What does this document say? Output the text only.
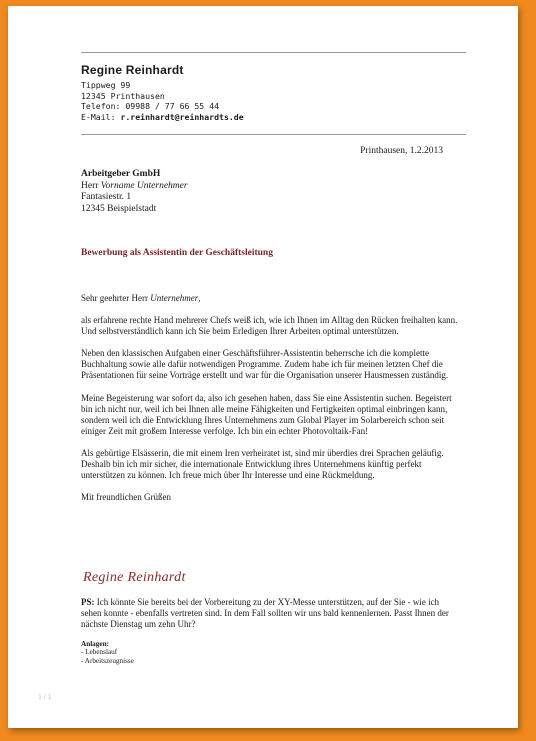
Regine Reinhardt
Tippweg 99
12345 Printhausen
Telefon: 09988 / 77 66 55 44
E-Mail: r.reinhardt@reinhardts.de
Printhausen, 1.2.2013
Arbeitgeber GmbH
Herr Vorname Unternehmer
Fantasiestr. 1
12345 Beispielstadt
Bewerbung als Assistentin der Geschäftsleitung

Sehr geehrter Herr Unternehmer,

als erfahrene rechte Hand mehrerer Chefs weiß ich, wie ich Ihnen im Alltag den Rücken freihalten kann. Und selbstverständlich kann ich Sie beim Erledigen Ihrer Arbeiten optimal unterstützen.

Neben den klassischen Aufgaben einer Geschäftsführer-Assistentin beherrsche ich die komplette Buchhaltung sowie alle dafür notwendigen Programme. Zudem habe ich für meinen letzten Chef die Präsentationen für seine Vorträge erstellt und war für die Organisation unserer Hausmessen zuständig.

Meine Begeisterung war sofort da, also ich gesehen haben, dass Sie eine Assistentin suchen. Begeistert bin ich nicht nur, weil ich bei Ihnen alle meine Fähigkeiten und Fertigkeiten optimal einbringen kann, sondern weil ich die Entwicklung Ihres Unternehmens zum Global Player im Solarbereich schon seit einiger Zeit mit großem Interesse verfolge. Ich bin ein echter Photovoltaik-Fan!

Als gebürtige Elsässerin, die mit einem Iren verheiratet ist, sind mir überdies drei Sprachen geläufig. Deshalb bin ich mir sicher, die internationale Entwicklung ihres Unternehmens künftig perfekt unterstützen zu können. Ich freue mich über Ihr Interesse und eine Rückmeldung.

Mit freundlichen Grüßen

Regine Reinhardt
PS: Ich könnte Sie bereits bei der Vorbereitung zu der XY-Messe unterstützen, auf der Sie - wie ich sehen konnte - ebenfalls vertreten sind. In dem Fall sollten wir uns bald kennenlernen. Passt Ihnen der nächste Dienstag um zehn Uhr?
Anlagen:
- Lebenslauf
- Arbeitszeugnisse
1 / 1
